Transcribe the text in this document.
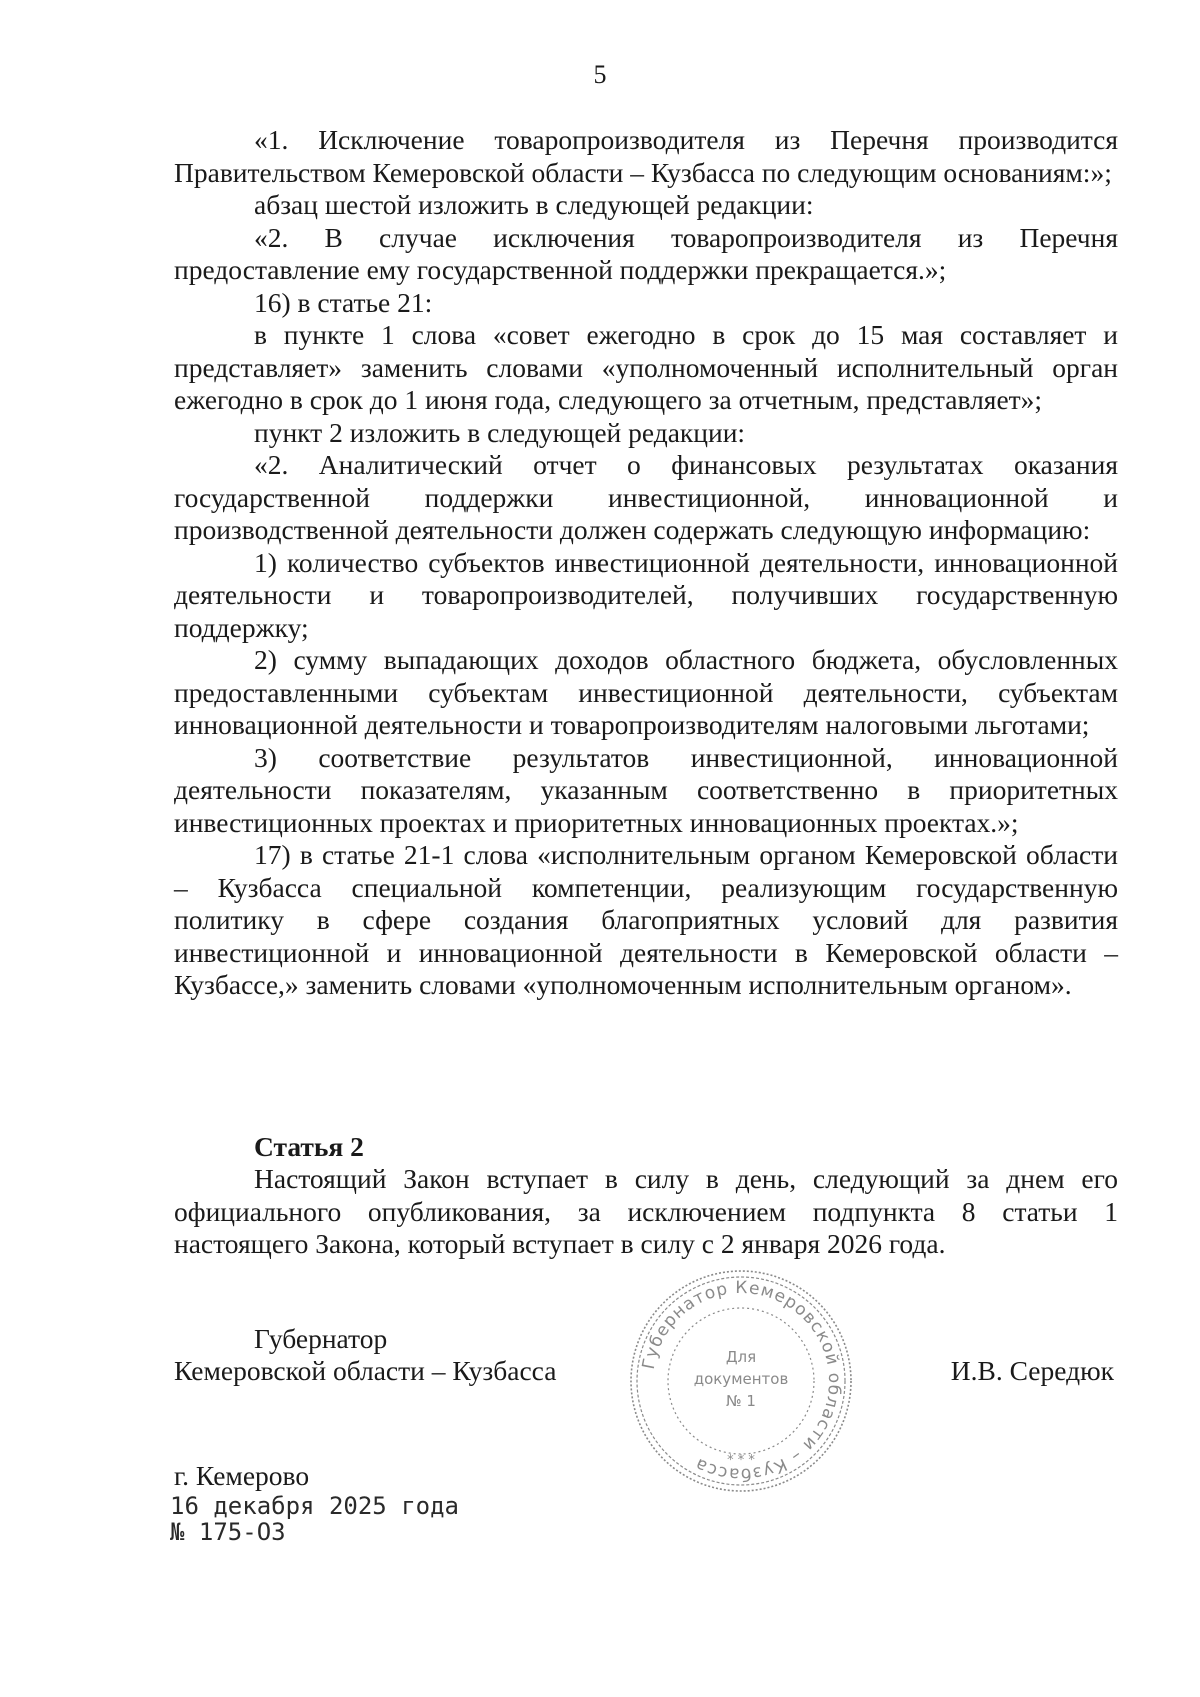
5

«1. Исключение товаропроизводителя из Перечня производится Правительством Кемеровской области – Кузбасса по следующим основаниям:»;

абзац шестой изложить в следующей редакции:

«2. В случае исключения товаропроизводителя из Перечня предоставление ему государственной поддержки прекращается.»;

16) в статье 21:

в пункте 1 слова «совет ежегодно в срок до 15 мая составляет и представляет» заменить словами «уполномоченный исполнительный орган ежегодно в срок до 1 июня года, следующего за отчетным, представляет»;

пункт 2 изложить в следующей редакции:

«2. Аналитический отчет о финансовых результатах оказания государственной поддержки инвестиционной, инновационной и производственной деятельности должен содержать следующую информацию:

1) количество субъектов инвестиционной деятельности, инновационной деятельности и товаропроизводителей, получивших государственную поддержку;

2) сумму выпадающих доходов областного бюджета, обусловленных предоставленными субъектам инвестиционной деятельности, субъектам инновационной деятельности и товаропроизводителям налоговыми льготами;

3) соответствие результатов инвестиционной, инновационной деятельности показателям, указанным соответственно в приоритетных инвестиционных проектах и приоритетных инновационных проектах.»;

17) в статье 21-1 слова «исполнительным органом Кемеровской области – Кузбасса специальной компетенции, реализующим государственную политику в сфере создания благоприятных условий для развития инвестиционной и инновационной деятельности в Кемеровской области – Кузбассе,» заменить словами «уполномоченным исполнительным органом».

Статья 2
Настоящий Закон вступает в силу в день, следующий за днем его официального опубликования, за исключением подпункта 8 статьи 1 настоящего Закона, который вступает в силу с 2 января 2026 года.
Губернатор
Кемеровской области – Кузбасса	И.В. Середюк
Губернатор Кемеровской области – Кузбасса
Для
документов
№ 1
* * *
г. Кемерово
16 декабря 2025 года
№ 175-ОЗ
